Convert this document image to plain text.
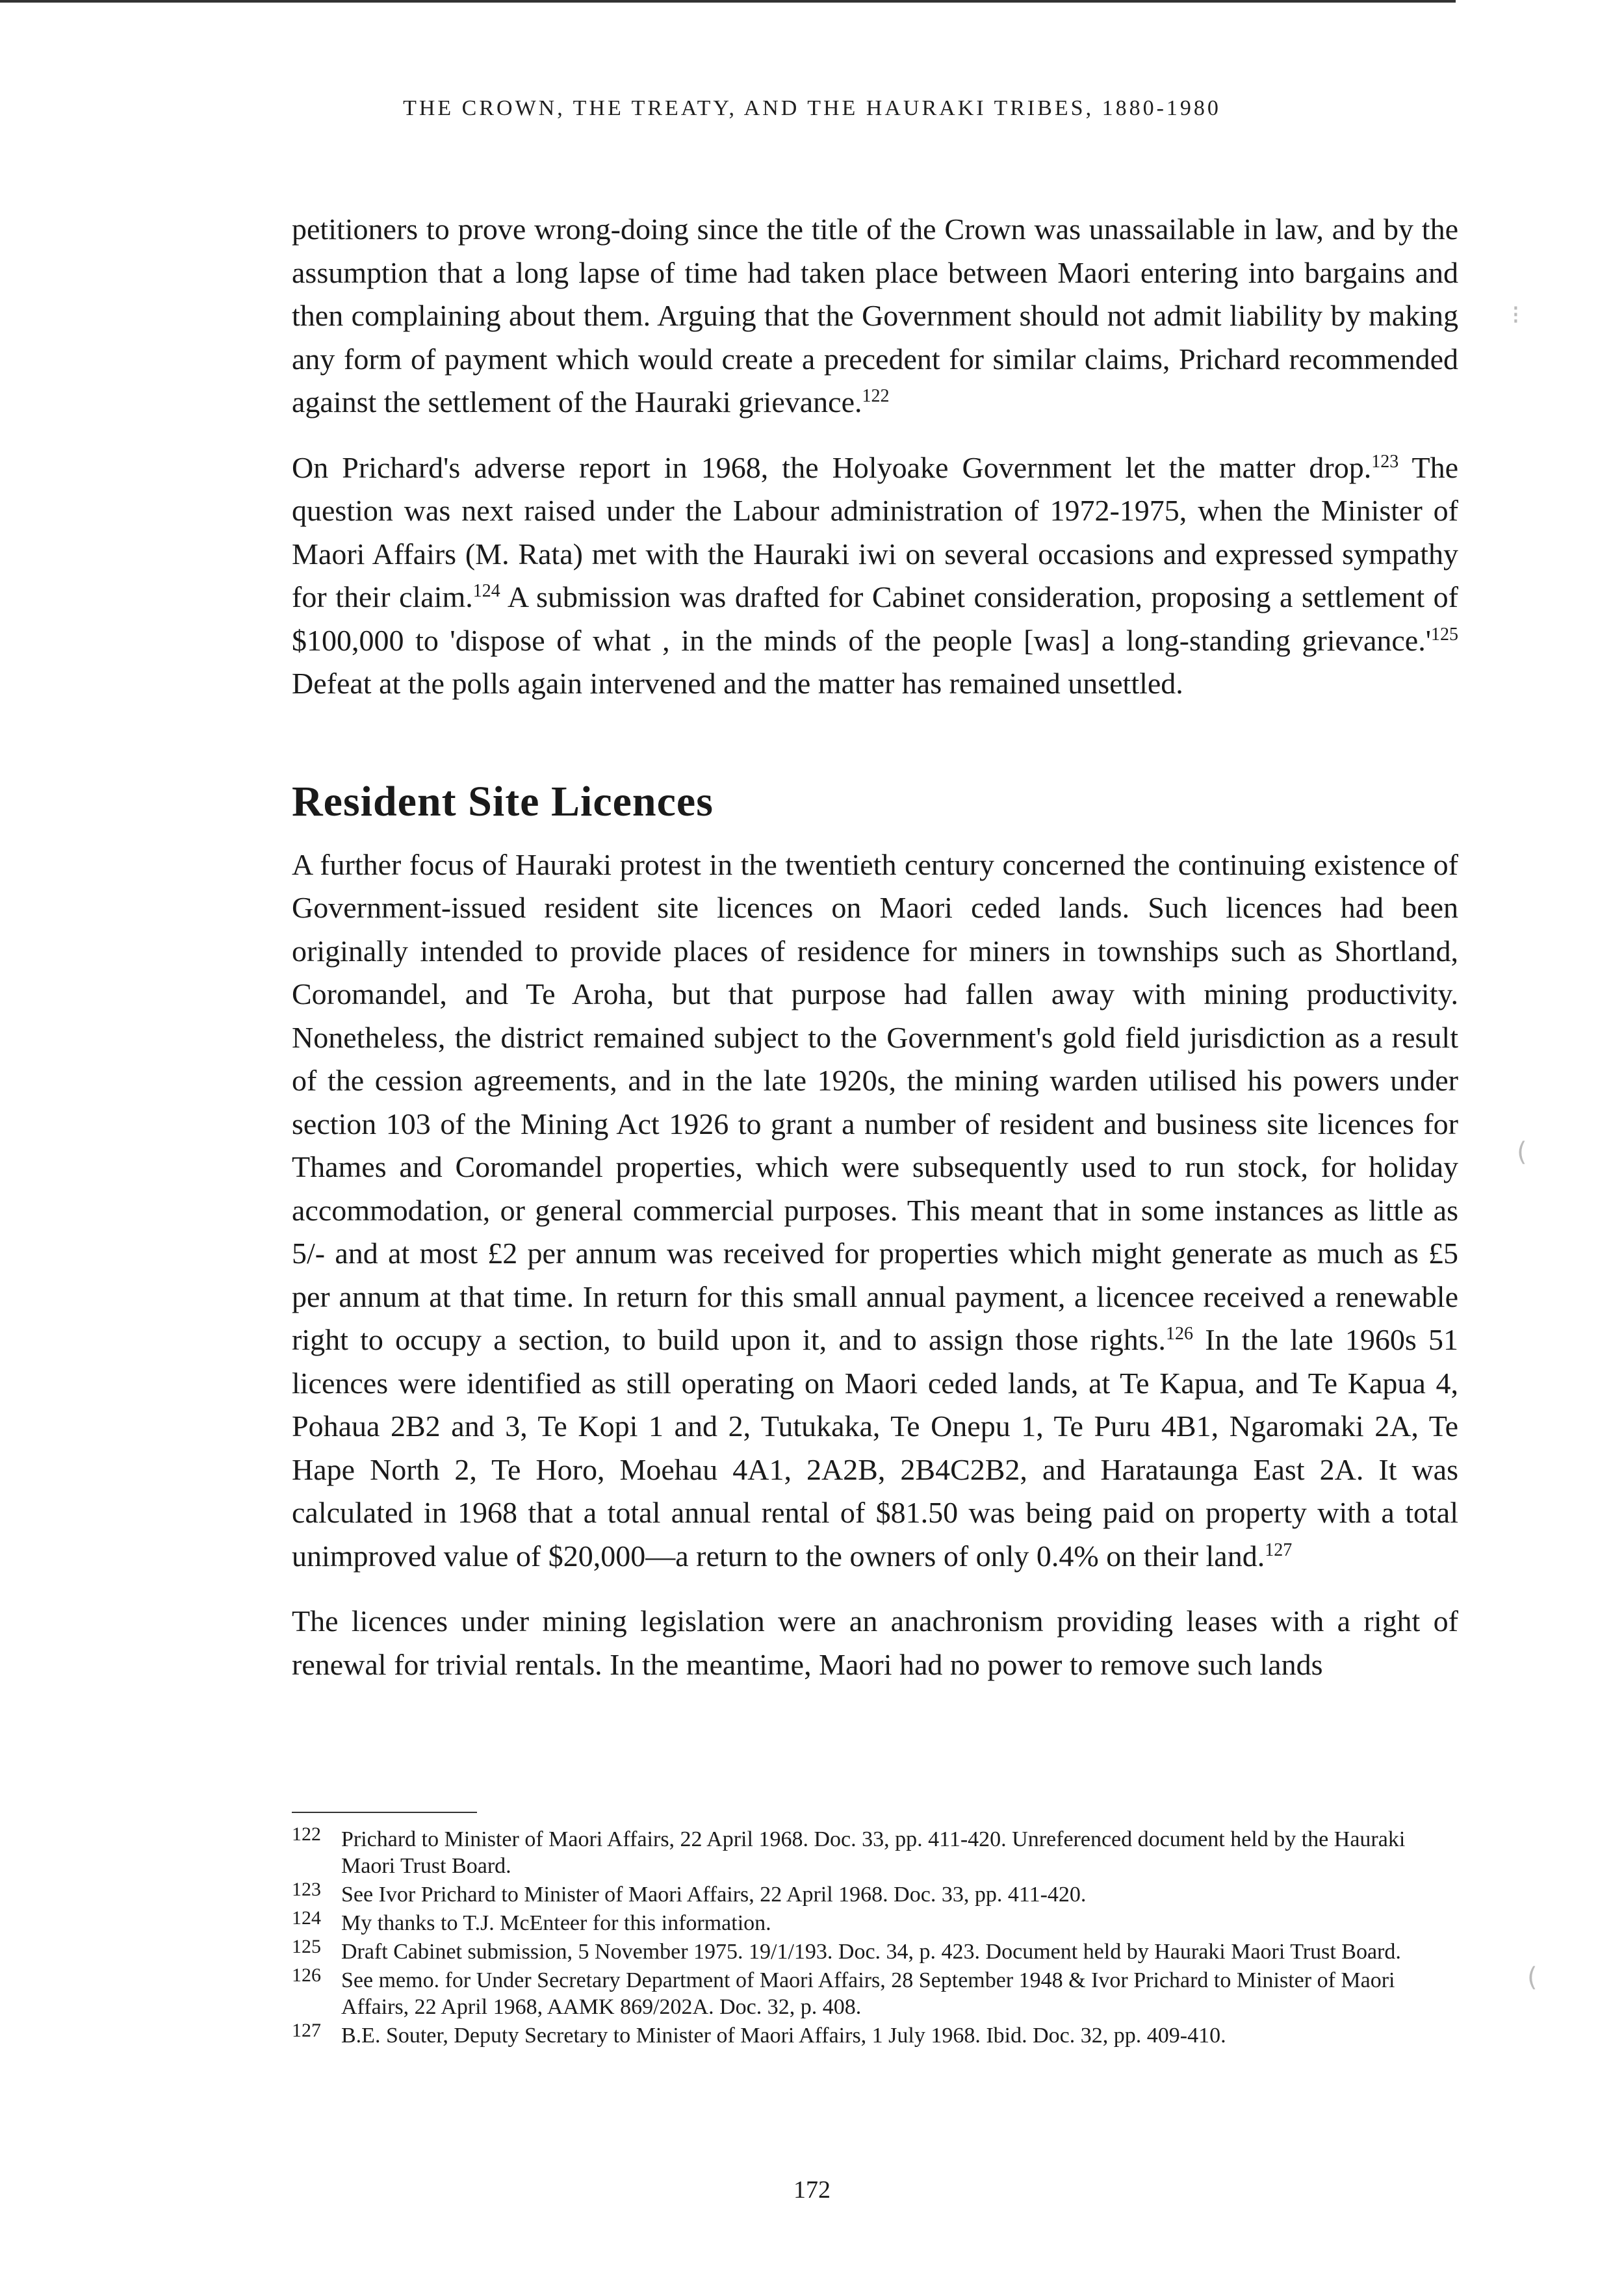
THE CROWN, THE TREATY, AND THE HAURAKI TRIBES, 1880-1980

petitioners to prove wrong-doing since the title of the Crown was unassailable in law, and by the assumption that a long lapse of time had taken place between Maori entering into bargains and then complaining about them. Arguing that the Government should not admit liability by making any form of payment which would create a precedent for similar claims, Prichard recommended against the settlement of the Hauraki grievance.$^{122}$

On Prichard's adverse report in 1968, the Holyoake Government let the matter drop.$^{123}$ The question was next raised under the Labour administration of 1972-1975, when the Minister of Maori Affairs (M. Rata) met with the Hauraki iwi on several occasions and expressed sympathy for their claim.$^{124}$ A submission was drafted for Cabinet consideration, proposing a settlement of $100,000 to 'dispose of what , in the minds of the people [was] a long-standing $grievance.'^{125}$ Defeat at the polls again intervened and the matter has remained unsettled.

Resident Site Licences

A further focus of Hauraki protest in the twentieth century concerned the continuing existence of Government-issued resident site licences on Maori ceded lands. Such licences had been originally intended to provide places of residence for miners in townships such as Shortland, Coromandel, and Te Aroha, but that purpose had fallen away with mining productivity. Nonetheless, the district remained subject to the Government's gold field jurisdiction as a result of the cession agreements, and in the late 1920s, the mining warden utilised his powers under section 103 of the Mining Act 1926 to grant a number of resident and business site licences for Thames and Coromandel properties, which were subsequently used to run stock, for holiday accommodation, or general commercial purposes. This meant that in some instances as little as 5/- and at most £2 per annum was received for properties which might generate as much as £5 per annum at that time. In return for this small annual payment, a licencee received a renewable right to occupy a section, to build upon it, and to assign those rights.$^{126}$ In the late 1960s 51 licences were identified as still operating on Maori ceded lands, at Te Kapua, and Te Kapua 4, Pohaua 2B2 and 3, Te Kopi 1 and 2, Tutukaka, Te Onepu 1, Te Puru 4B1, Ngaromaki 2A, Te Hape North 2, Te Horo, Moehau 4A1, 2A2B, 2B4C2B2, and Harataunga East 2A. It was calculated in 1968 that a total annual rental of $81.50 was being paid on property with a total unimproved value of $20,000—a return to the owners of only 0.4% on their land.$^{127}$

The licences under mining legislation were an anachronism providing leases with a right of renewal for trivial rentals. In the meantime, Maori had no power to remove such lands

122 Prichard to Minister of Maori Affairs, 22 April 1968. Doc. 33, pp. 411-420. Unreferenced document held by the Hauraki Maori Trust Board.
123 See Ivor Prichard to Minister of Maori Affairs, 22 April 1968. Doc. 33, pp. 411-420.
124 My thanks to T.J. McEnteer for this information.
125 Draft Cabinet submission, 5 November 1975. 19/1/193. Doc. 34, p. 423. Document held by Hauraki Maori Trust Board.
126 See memo. for Under Secretary Department of Maori Affairs, 28 September 1948 & Ivor Prichard to Minister of Maori Affairs, 22 April 1968, AAMK 869/202A. Doc. 32, p. 408.
127 B.E. Souter, Deputy Secretary to Minister of Maori Affairs, 1 July 1968. Ibid. Doc. 32, pp. 409-410.
172
⁝
(
(
